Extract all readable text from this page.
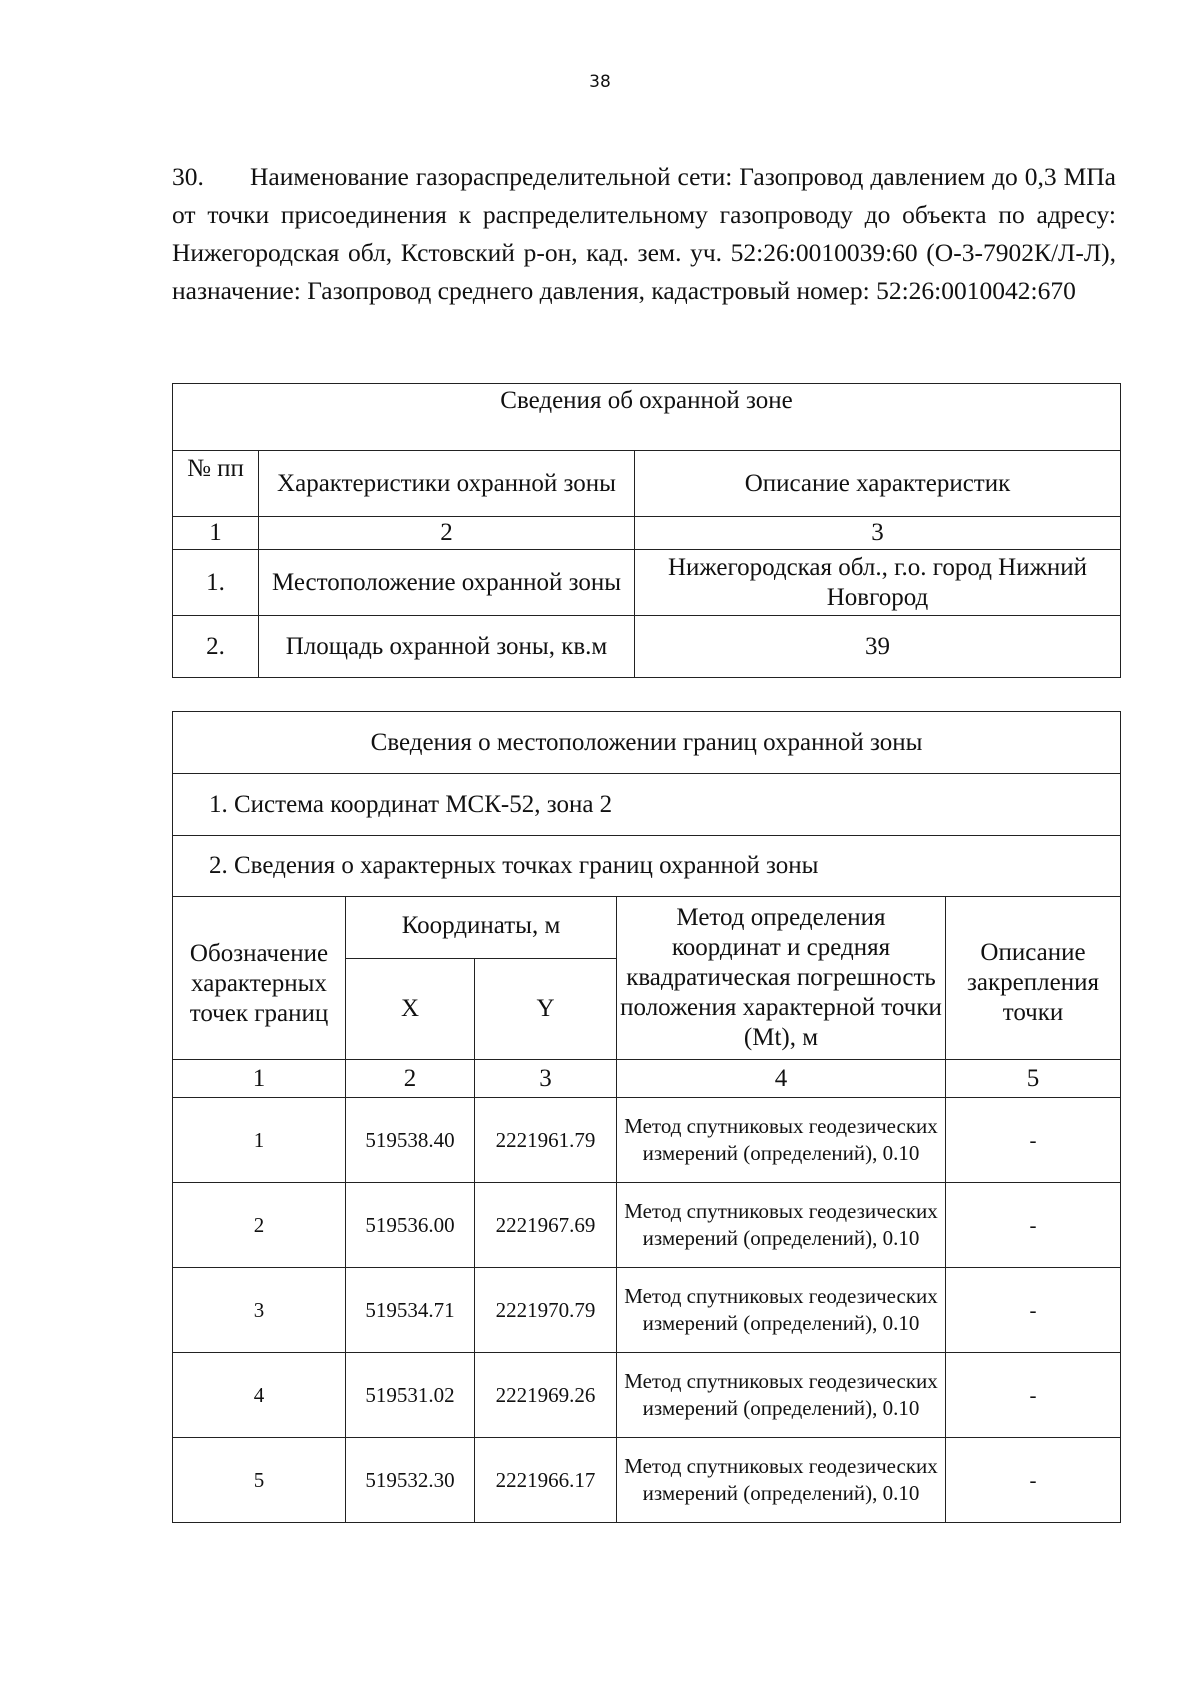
38

30. Наименование газораспределительной сети: Газопровод давлением до 0,3 МПа от точки присоединения к распределительному газопроводу до объекта по адресу: Нижегородская обл, Кстовский р-он, кад. зем. уч. 52:26:0010039:60 (О-3-7902К/Л-Л), назначение: Газопровод среднего давления, кадастровый номер: 52:26:0010042:670

Сведения об охранной зоне		
№ пп	Характеристики охранной зоны	Описание характеристик
1	2	3
1.	Местоположение охранной зоны	Нижегородская обл., г.о. город Нижний Новгород
2.	Площадь охранной зоны, кв.м	39
Сведения о местоположении границ охранной зоны				
1. Система координат МСК-52, зона 2				
2. Сведения о характерных точках границ охранной зоны				
Обозначение характерных точек границ	Координаты, м		Метод определения координат и средняя квадратическая погрешность положения характерной точки (Mt), м	Описание закрепления точки
	X	Y		
1	2	3	4	5
1	519538.40	2221961.79	Метод спутниковых геодезических измерений (определений), 0.10	-
2	519536.00	2221967.69	Метод спутниковых геодезических измерений (определений), 0.10	-
3	519534.71	2221970.79	Метод спутниковых геодезических измерений (определений), 0.10	-
4	519531.02	2221969.26	Метод спутниковых геодезических измерений (определений), 0.10	-
5	519532.30	2221966.17	Метод спутниковых геодезических измерений (определений), 0.10	-
